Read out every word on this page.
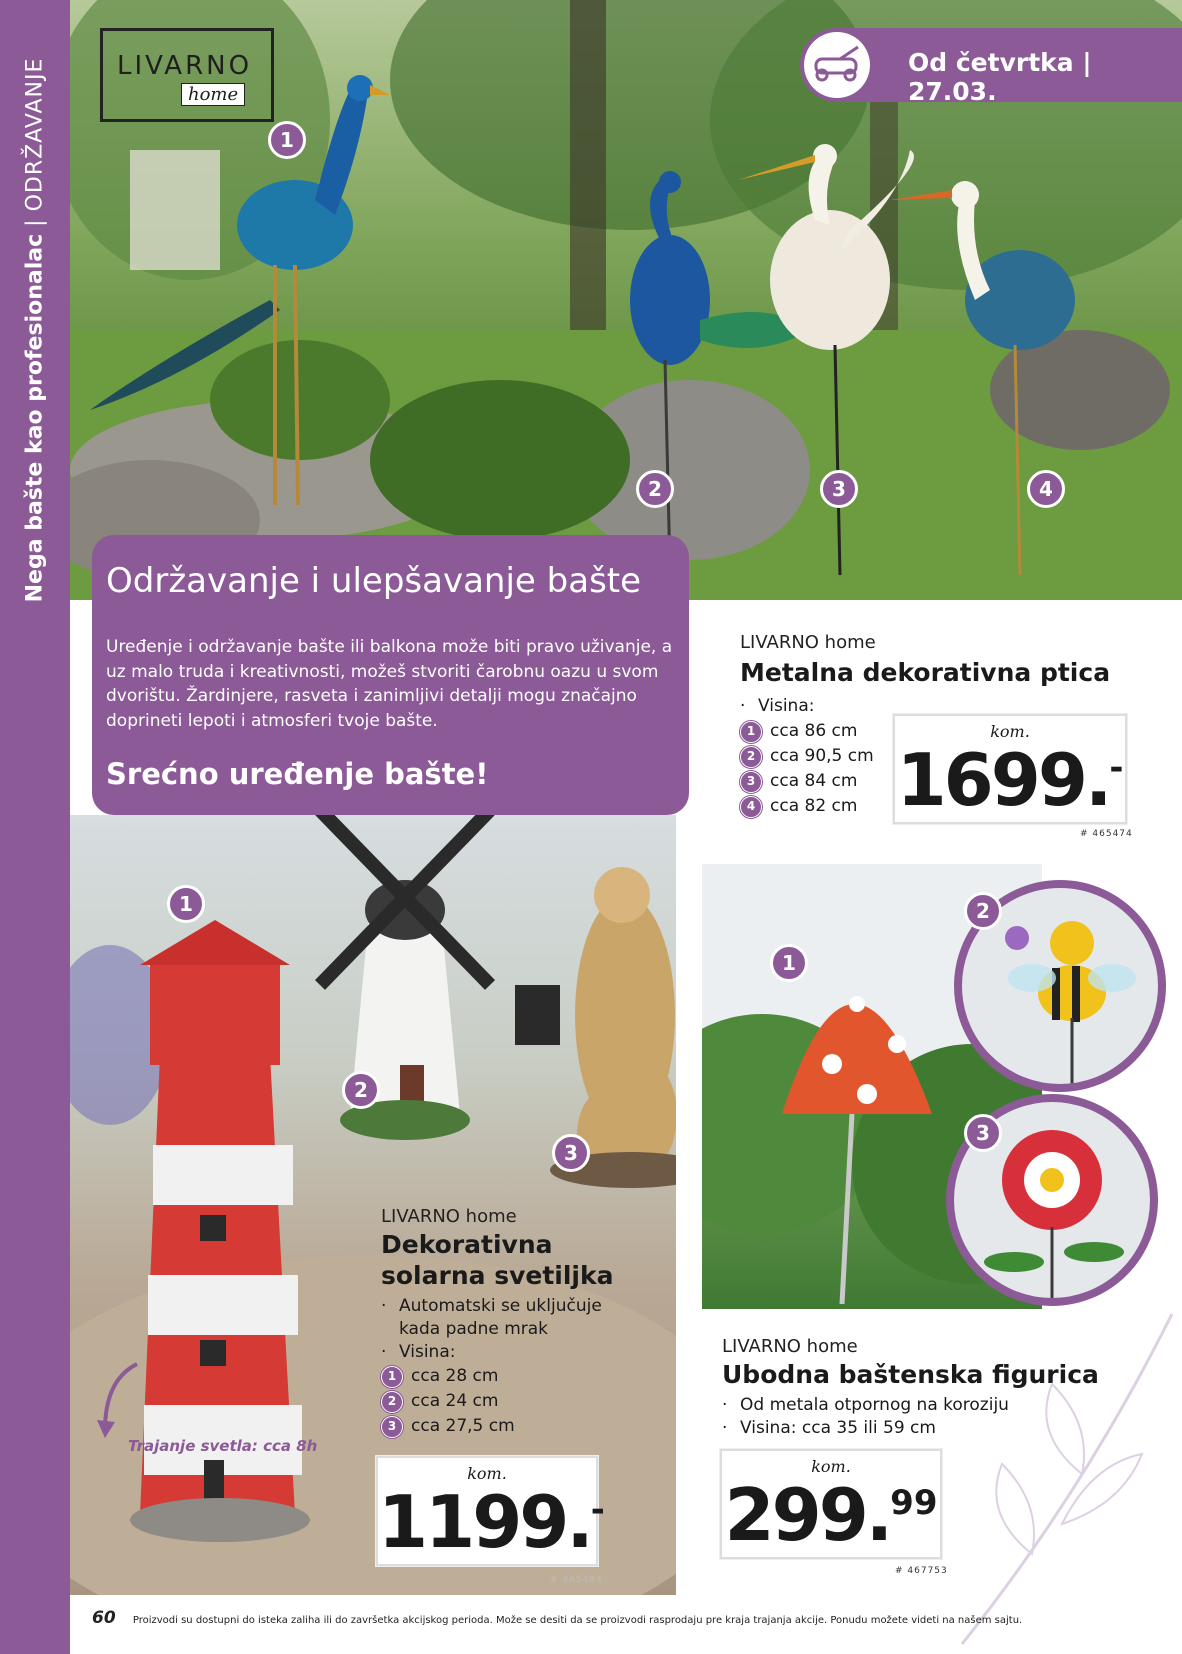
Nega bašte kao profesionalac | ODRŽAVANJE	LIVARNO
home
Od četvrtka | 27.03.
1
2	3	4
1
2
3
Održavanje i ulepšavanje bašte
Uređenje i održavanje bašte ili balkona može biti pravo uživanje, a uz malo truda i kreativnosti, možeš stvoriti čarobnu oazu u svom dvorištu. Žardinjere, rasveta i zanimljivi detalji mogu značajno doprineti lepoti i atmosferi tvoje bašte.
Srećno uređenje bašte!
LIVARNO home
Metalna dekorativna ptica
· Visina:
1 cca 86 cm
2 cca 90,5 cm
3 cca 84 cm
4 cca 82 cm
kom.
1699.-
# 465474
1
2
3
LIVARNO home
Dekorativna
solarna svetiljka
· Automatski se uključuje
kada padne mrak
· Visina:
1 cca 28 cm
2 cca 24 cm
3 cca 27,5 cm
kom.
1199.-
# 465484
Trajanje svetla: cca 8h
LIVARNO home
Ubodna baštenska figurica
· Od metala otpornog na koroziju
· Visina: cca 35 ili 59 cm
kom.
299.99
# 467753
60 Proizvodi su dostupni do isteka zaliha ili do završetka akcijskog perioda. Može se desiti da se proizvodi rasprodaju pre kraja trajanja akcije. Ponudu možete videti na našem sajtu.
